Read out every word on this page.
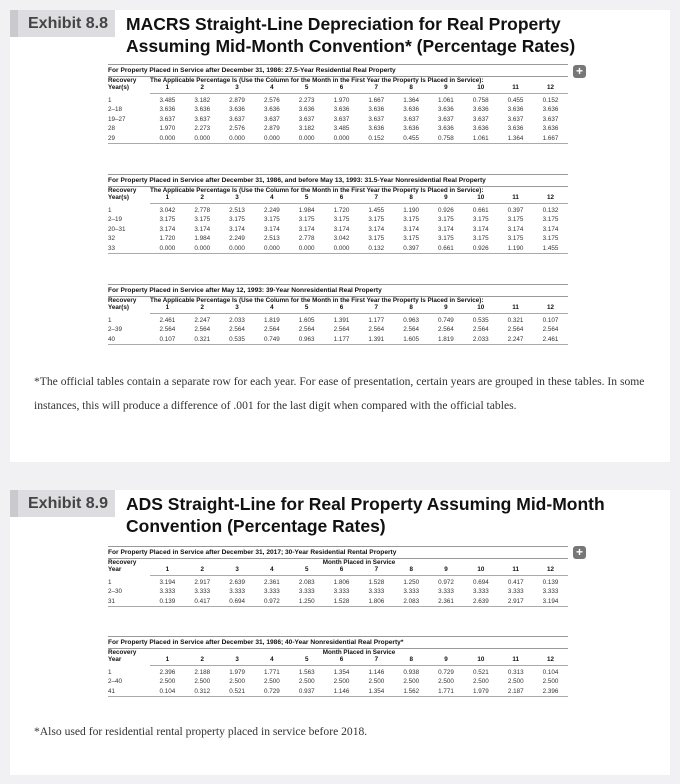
Exhibit 8.8	MACRS Straight-Line Depreciation for Real Property Assuming Mid-Month Convention* (Percentage Rates)
+
For Property Placed in Service after December 31, 1986: 27.5-Year Residential Real Property
Recovery Year(s)	The Applicable Percentage Is (Use the Column for the Month in the First Year the Property Is Placed in Service):											
	1	2	3	4	5	6	7	8	9	10	11	12
1	3.485	3.182	2.879	2.576	2.273	1.970	1.667	1.364	1.061	0.758	0.455	0.152
2–18	3.636	3.636	3.636	3.636	3.636	3.636	3.636	3.636	3.636	3.636	3.636	3.636
19–27	3.637	3.637	3.637	3.637	3.637	3.637	3.637	3.637	3.637	3.637	3.637	3.637
28	1.970	2.273	2.576	2.879	3.182	3.485	3.636	3.636	3.636	3.636	3.636	3.636
29	0.000	0.000	0.000	0.000	0.000	0.000	0.152	0.455	0.758	1.061	1.364	1.667
For Property Placed in Service after December 31, 1986, and before May 13, 1993: 31.5-Year Nonresidential Real Property
Recovery Year(s)	The Applicable Percentage Is (Use the Column for the Month in the First Year the Property Is Placed in Service):											
	1	2	3	4	5	6	7	8	9	10	11	12
1	3.042	2.778	2.513	2.249	1.984	1.720	1.455	1.190	0.926	0.661	0.397	0.132
2–19	3.175	3.175	3.175	3.175	3.175	3.175	3.175	3.175	3.175	3.175	3.175	3.175
20–31	3.174	3.174	3.174	3.174	3.174	3.174	3.174	3.174	3.174	3.174	3.174	3.174
32	1.720	1.984	2.249	2.513	2.778	3.042	3.175	3.175	3.175	3.175	3.175	3.175
33	0.000	0.000	0.000	0.000	0.000	0.000	0.132	0.397	0.661	0.926	1.190	1.455
For Property Placed in Service after May 12, 1993: 39-Year Nonresidential Real Property
Recovery Year(s)	The Applicable Percentage Is (Use the Column for the Month in the First Year the Property Is Placed in Service):											
	1	2	3	4	5	6	7	8	9	10	11	12
1	2.461	2.247	2.033	1.819	1.605	1.391	1.177	0.963	0.749	0.535	0.321	0.107
2–39	2.564	2.564	2.564	2.564	2.564	2.564	2.564	2.564	2.564	2.564	2.564	2.564
40	0.107	0.321	0.535	0.749	0.963	1.177	1.391	1.605	1.819	2.033	2.247	2.461
*The official tables contain a separate row for each year. For ease of presentation, certain years are grouped in these tables. In some instances, this will produce a difference of .001 for the last digit when compared with the official tables.
Exhibit 8.9	ADS Straight-Line for Real Property Assuming Mid-Month Convention (Percentage Rates)
+
For Property Placed in Service after December 31, 2017; 30-Year Residential Rental Property
Recovery Year	Month Placed in Service											
	1	2	3	4	5	6	7	8	9	10	11	12
1	3.194	2.917	2.639	2.361	2.083	1.806	1.528	1.250	0.972	0.694	0.417	0.139
2–30	3.333	3.333	3.333	3.333	3.333	3.333	3.333	3.333	3.333	3.333	3.333	3.333
31	0.139	0.417	0.694	0.972	1.250	1.528	1.806	2.083	2.361	2.639	2.917	3.194
For Property Placed in Service after December 31, 1986; 40-Year Nonresidential Real Property*
Recovery Year	Month Placed in Service											
	1	2	3	4	5	6	7	8	9	10	11	12
1	2.396	2.188	1.979	1.771	1.563	1.354	1.146	0.938	0.729	0.521	0.313	0.104
2–40	2.500	2.500	2.500	2.500	2.500	2.500	2.500	2.500	2.500	2.500	2.500	2.500
41	0.104	0.312	0.521	0.729	0.937	1.146	1.354	1.562	1.771	1.979	2.187	2.396
*Also used for residential rental property placed in service before 2018.
